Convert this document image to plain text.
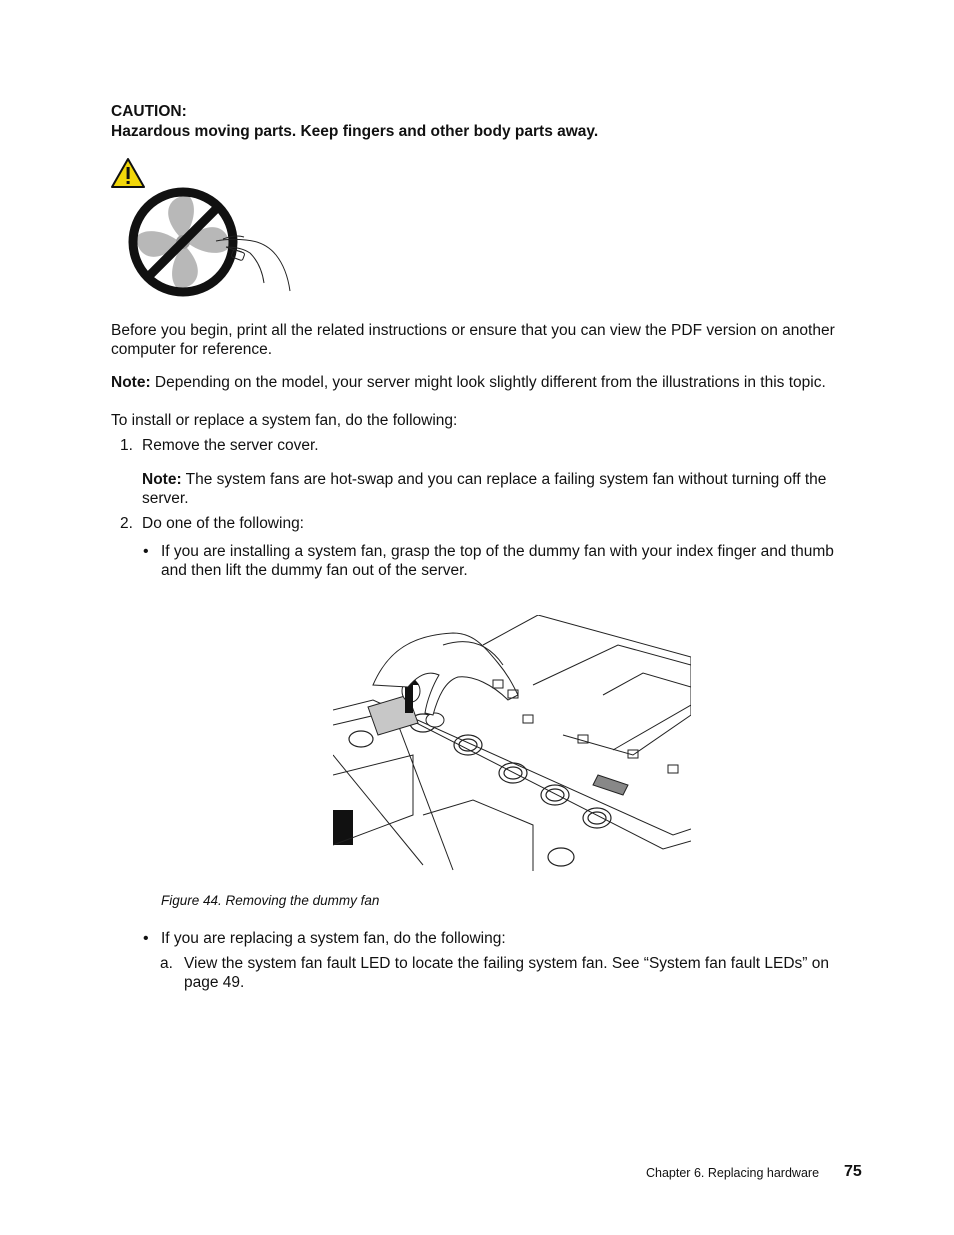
CAUTION:
Hazardous moving parts. Keep fingers and other body parts away.

Before you begin, print all the related instructions or ensure that you can view the PDF version on another computer for reference.

Note: Depending on the model, your server might look slightly different from the illustrations in this topic.

To install or replace a system fan, do the following:
1. Remove the server cover.

Note: The system fans are hot-swap and you can replace a failing system fan without turning off the server.

2. Do one of the following:
• If you are installing a system fan, grasp the top of the dummy fan with your index finger and thumb and then lift the dummy fan out of the server.

Figure 44. Removing the dummy fan
• If you are replacing a system fan, do the following:
a. View the system fan fault LED to locate the failing system fan. See “System fan fault LEDs” on page 49.

Chapter 6. Replacing hardware 75
